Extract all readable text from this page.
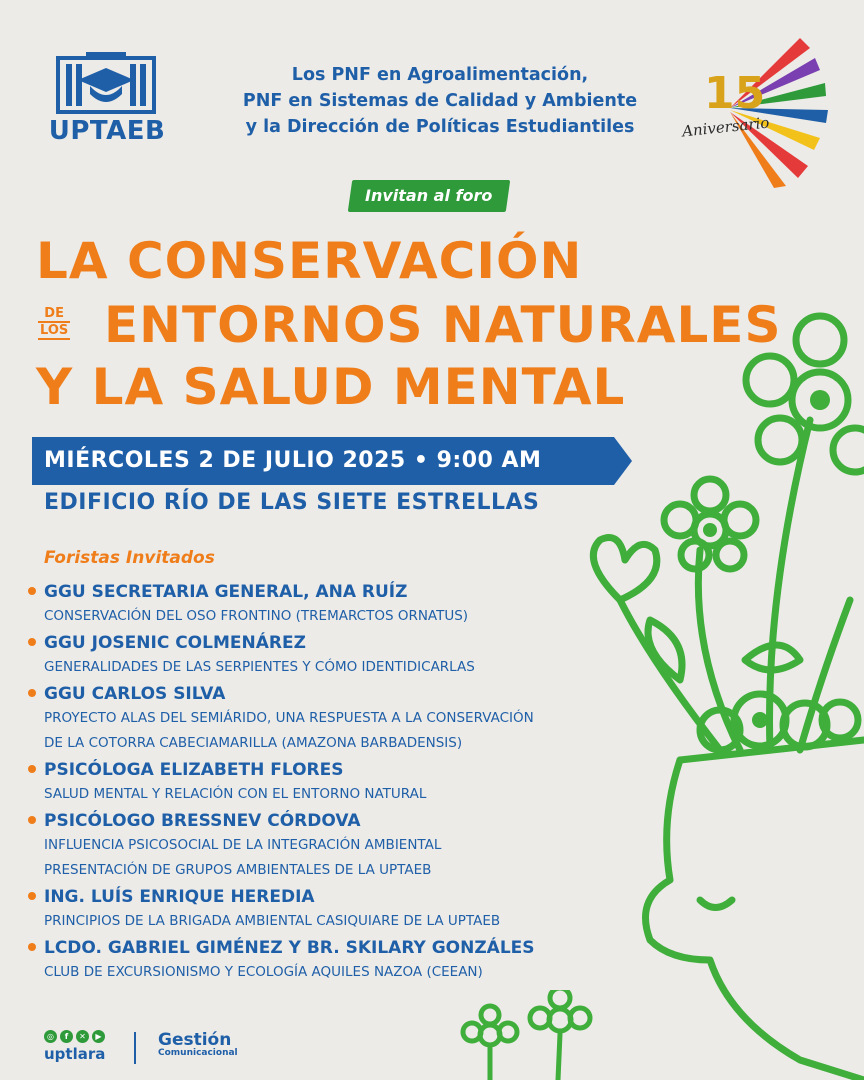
UPTAEB
Los PNF en Agroalimentación,
PNF en Sistemas de Calidad y Ambiente
y la Dirección de Políticas Estudiantiles
15
Aniversario
Invitan al foro
LA CONSERVACIÓN
DE
LOS ENTORNOS NATURALES
Y LA SALUD MENTAL
MIÉRCOLES 2 DE JULIO 2025 • 9:00 AM
EDIFICIO RÍO DE LAS SIETE ESTRELLAS
Foristas Invitados
GGU SECRETARIA GENERAL, ANA RUÍZ
CONSERVACIÓN DEL OSO FRONTINO (TREMARCTOS ORNATUS)
GGU JOSENIC COLMENÁREZ
GENERALIDADES DE LAS SERPIENTES Y CÓMO IDENTIDICARLAS
GGU CARLOS SILVA
PROYECTO ALAS DEL SEMIÁRIDO, UNA RESPUESTA A LA CONSERVACIÓN
DE LA COTORRA CABECIAMARILLA (AMAZONA BARBADENSIS)
PSICÓLOGA ELIZABETH FLORES
SALUD MENTAL Y RELACIÓN CON EL ENTORNO NATURAL
PSICÓLOGO BRESSNEV CÓRDOVA
INFLUENCIA PSICOSOCIAL DE LA INTEGRACIÓN AMBIENTAL
PRESENTACIÓN DE GRUPOS AMBIENTALES DE LA UPTAEB
ING. LUÍS ENRIQUE HEREDIA
PRINCIPIOS DE LA BRIGADA AMBIENTAL CASIQUIARE DE LA UPTAEB
LCDO. GABRIEL GIMÉNEZ Y BR. SKILARY GONZÁLES
CLUB DE EXCURSIONISMO Y ECOLOGÍA AQUILES NAZOA (CEEAN)
◎	f	✕	▶
uptlara
Gestión
Comunicacional
